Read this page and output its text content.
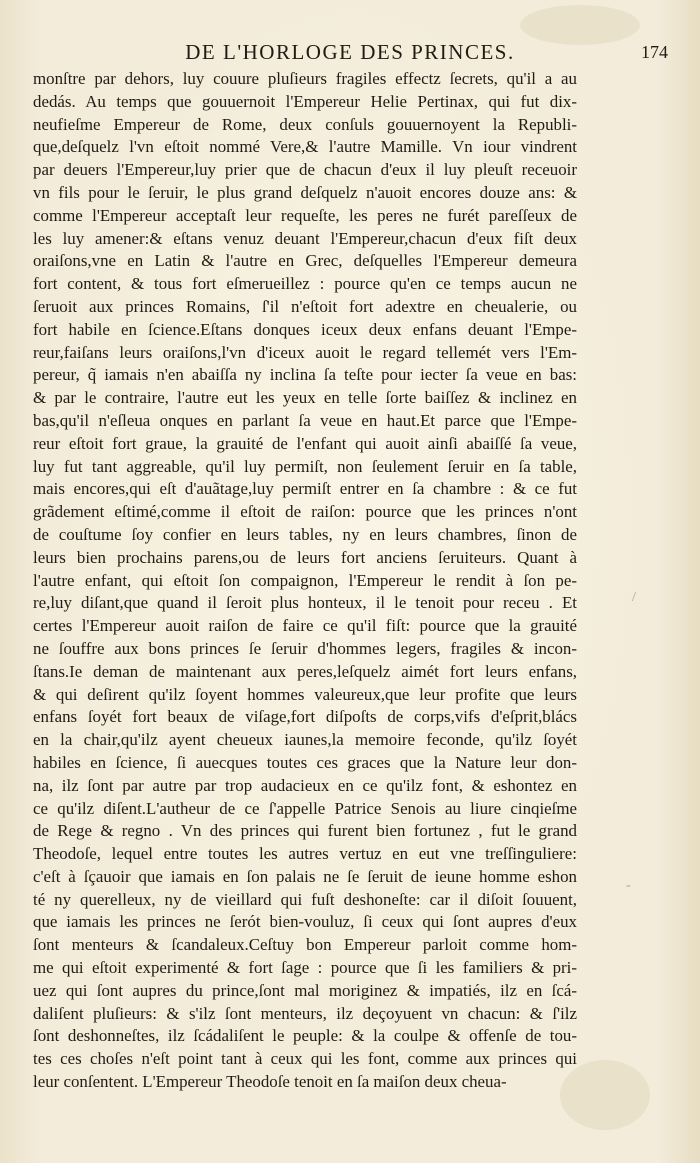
DE L'HORLOGE DES PRINCES.	174
monſtre par dehors, luy couure pluſieurs fragiles effectz ſecrets, qu'il a au
dedás. Au temps que gouuernoit l'Empereur Helie Pertinax, qui fut dix-
neufieſme Empereur de Rome, deux conſuls gouuernoyent la Republi-
que,deſquelz l'vn eſtoit nommé Vere,& l'autre Mamille. Vn iour vindrent
par deuers l'Empereur,luy prier que de chacun d'eux il luy pleuſt receuoir
vn fils pour le ſeruir, le plus grand deſquelz n'auoit encores douze ans: &
comme l'Empereur acceptaſt leur requeſte, les peres ne furét pareſſeux de
les luy amener:& eſtans venuz deuant l'Empereur,chacun d'eux fiſt deux
oraiſons,vne en Latin & l'autre en Grec, deſquelles l'Empereur demeura
fort content, & tous fort eſmerueillez : pource qu'en ce temps aucun ne
ſeruoit aux princes Romains, ſ'il n'eſtoit fort adextre en cheualerie, ou
fort habile en ſcience.Eſtans donques iceux deux enfans deuant l'Empe-
reur,faiſans leurs oraiſons,l'vn d'iceux auoit le regard tellemét vers l'Em-
pereur, q̃ iamais n'en abaiſſa ny inclina ſa teſte pour iecter ſa veue en bas:
& par le contraire, l'autre eut les yeux en telle ſorte baiſſez & inclinez en
bas,qu'il n'eſleua onques en parlant ſa veue en haut.Et parce que l'Empe-
reur eſtoit fort graue, la grauité de l'enfant qui auoit ainſi abaiſſé ſa veue,
luy fut tant aggreable, qu'il luy permiſt, non ſeulement ſeruir en ſa table,
mais encores,qui eſt d'auãtage,luy permiſt entrer en ſa chambre : & ce fut
grãdement eſtimé,comme il eſtoit de raiſon: pource que les princes n'ont
de couſtume ſoy confier en leurs tables, ny en leurs chambres, ſinon de
leurs bien prochains parens,ou de leurs fort anciens ſeruiteurs. Quant à
l'autre enfant, qui eſtoit ſon compaignon, l'Empereur le rendit à ſon pe-
re,luy diſant,que quand il ſeroit plus honteux, il le tenoit pour receu . Et
certes l'Empereur auoit raiſon de faire ce qu'il fiſt: pource que la grauité
ne ſouffre aux bons princes ſe ſeruir d'hommes legers, fragiles & incon-
ſtans.Ie deman de maintenant aux peres,leſquelz aimét fort leurs enfans,
& qui deſirent qu'ilz ſoyent hommes valeureux,que leur profite que leurs
enfans ſoyét fort beaux de viſage,fort diſpoſts de corps,vifs d'eſprit,blács
en la chair,qu'ilz ayent cheueux iaunes,la memoire feconde, qu'ilz ſoyét
habiles en ſcience, ſi auecques toutes ces graces que la Nature leur don-
na, ilz ſont par autre par trop audacieux en ce qu'ilz font, & eshontez en
ce qu'ilz diſent.L'autheur de ce ſ'appelle Patrice Senois au liure cinqieſme
de Rege & regno . Vn des princes qui furent bien fortunez , fut le grand
Theodoſe, lequel entre toutes les autres vertuz en eut vne treſſinguliere:
c'eſt à ſçauoir que iamais en ſon palais ne ſe ſeruit de ieune homme eshon
té ny querelleux, ny de vieillard qui fuſt deshoneſte: car il diſoit ſouuent,
que iamais les princes ne ſerót bien-vouluz, ſi ceux qui ſont aupres d'eux
ſont menteurs & ſcandaleux.Ceſtuy bon Empereur parloit comme hom-
me qui eſtoit experimenté & fort ſage : pource que ſi les familiers & pri-
uez qui ſont aupres du prince,ſont mal moriginez & impatiés, ilz en ſcá-
daliſent pluſieurs: & s'ilz ſont menteurs, ilz deçoyuent vn chacun: & ſ'ilz
ſont deshonneſtes, ilz ſcádaliſent le peuple: & la coulpe & offenſe de tou-
tes ces choſes n'eſt point tant à ceux qui les font, comme aux princes qui
leur conſentent. L'Empereur Theodoſe tenoit en ſa maiſon deux cheua-
/
-
